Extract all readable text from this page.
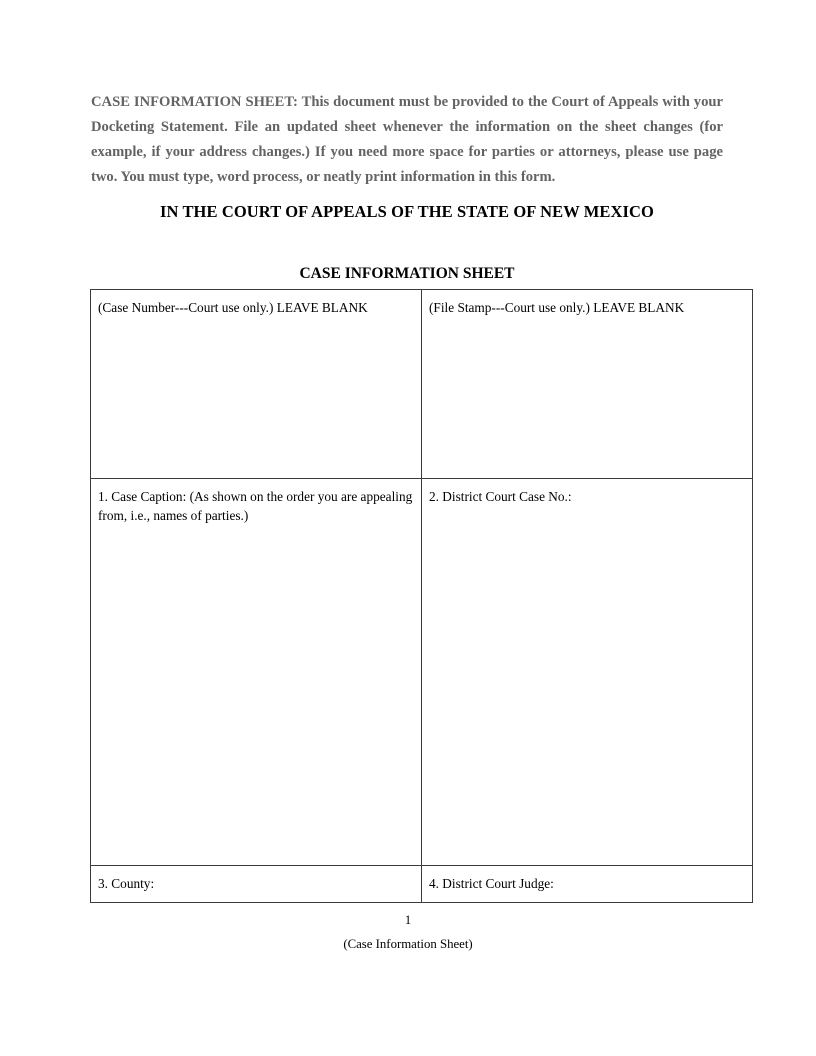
CASE INFORMATION SHEET: This document must be provided to the Court of Appeals with your Docketing Statement. File an updated sheet whenever the information on the sheet changes (for example, if your address changes.) If you need more space for parties or attorneys, please use page two. You must type, word process, or neatly print information in this form.
IN THE COURT OF APPEALS OF THE STATE OF NEW MEXICO
CASE INFORMATION SHEET
(Case Number---Court use only.) LEAVE BLANK	(File Stamp---Court use only.) LEAVE BLANK

1. Case Caption: (As shown on the order you are appealing from, i.e., names of parties.)	2. District Court Case No.:

3. County:	4. District Court Judge:
1
(Case Information Sheet)
